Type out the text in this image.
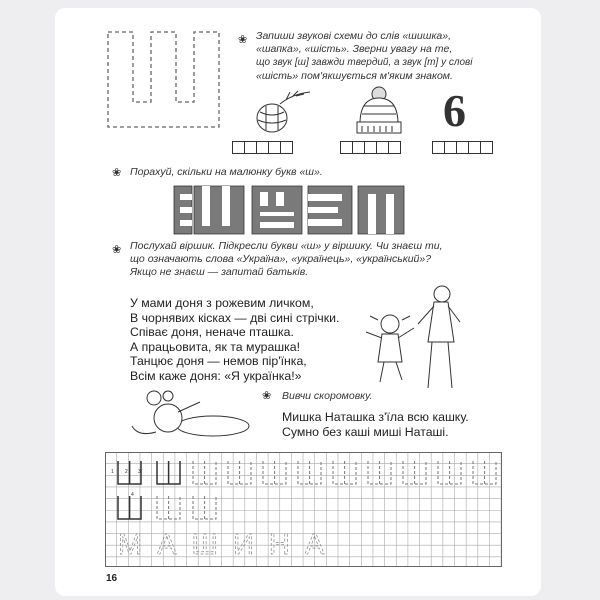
❀ Запиши звукові схеми до слів «шишка»,
«шапка», «шість». Зверни увагу на те,
що звук [ш] завжди твердий, а звук [т] у слові
«шість» пом'якшується м'яким знаком.
6
❀ Порахуй, скільки на малюнку букв «ш».
❀ Послухай віршик. Підкресли букви «ш» у віршику. Чи знаєш ти,
що означають слова «Україна», «українець», «український»?
Якщо не знаєш — запитай батьків.
У мами доня з рожевим личком,
В чорнявих кісках — дві сині стрічки.
Співає доня, неначе пташка.
А працьовита, як та мурашка!
Танцює доня — немов пір'їнка,
Всім каже доня: «Я українка!»
❀ Вивчи скоромовку.
Мишка Наташка з'їла всю кашку.
Сумно без каші миші Наташі.
1 2 3
4
МАШИНА
16
